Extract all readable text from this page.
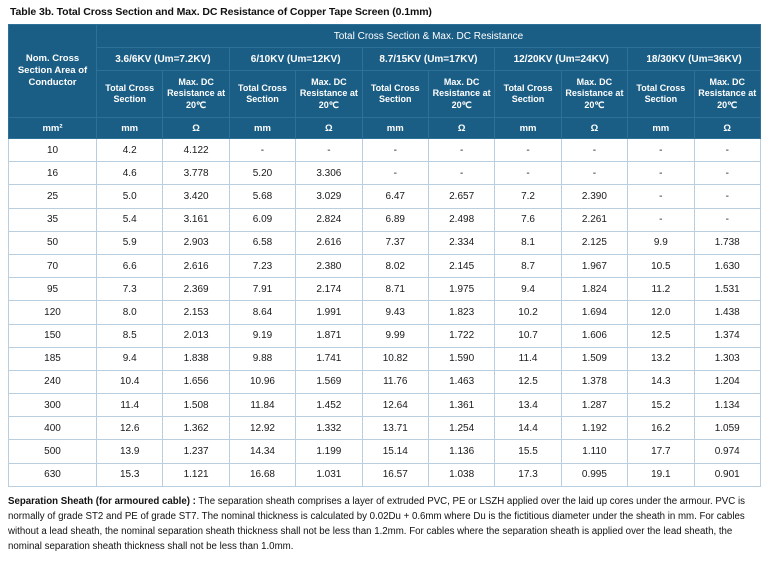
Table 3b. Total Cross Section and Max. DC Resistance of Copper Tape Screen (0.1mm)
Nom. Cross Section Area of Conductor	Total Cross Section & Max. DC Resistance									
	3.6/6KV (Um=7.2KV)		6/10KV (Um=12KV)		8.7/15KV (Um=17KV)		12/20KV (Um=24KV)		18/30KV (Um=36KV)	
	Total Cross Section	Max. DC Resistance at 20℃	Total Cross Section	Max. DC Resistance at 20℃	Total Cross Section	Max. DC Resistance at 20℃	Total Cross Section	Max. DC Resistance at 20℃	Total Cross Section	Max. DC Resistance at 20℃
mm²	mm	Ω	mm	Ω	mm	Ω	mm	Ω	mm	Ω
10	4.2	4.122	-	-	-	-	-	-	-	-
16	4.6	3.778	5.20	3.306	-	-	-	-	-	-
25	5.0	3.420	5.68	3.029	6.47	2.657	7.2	2.390	-	-
35	5.4	3.161	6.09	2.824	6.89	2.498	7.6	2.261	-	-
50	5.9	2.903	6.58	2.616	7.37	2.334	8.1	2.125	9.9	1.738
70	6.6	2.616	7.23	2.380	8.02	2.145	8.7	1.967	10.5	1.630
95	7.3	2.369	7.91	2.174	8.71	1.975	9.4	1.824	11.2	1.531
120	8.0	2.153	8.64	1.991	9.43	1.823	10.2	1.694	12.0	1.438
150	8.5	2.013	9.19	1.871	9.99	1.722	10.7	1.606	12.5	1.374
185	9.4	1.838	9.88	1.741	10.82	1.590	11.4	1.509	13.2	1.303
240	10.4	1.656	10.96	1.569	11.76	1.463	12.5	1.378	14.3	1.204
300	11.4	1.508	11.84	1.452	12.64	1.361	13.4	1.287	15.2	1.134
400	12.6	1.362	12.92	1.332	13.71	1.254	14.4	1.192	16.2	1.059
500	13.9	1.237	14.34	1.199	15.14	1.136	15.5	1.110	17.7	0.974
630	15.3	1.121	16.68	1.031	16.57	1.038	17.3	0.995	19.1	0.901
Separation Sheath (for armoured cable) : The separation sheath comprises a layer of extruded PVC, PE or LSZH applied over the laid up cores under the armour. PVC is normally of grade ST2 and PE of grade ST7. The nominal thickness is calculated by 0.02Du + 0.6mm where Du is the fictitious diameter under the sheath in mm. For cables without a lead sheath, the nominal separation sheath thickness shall not be less than 1.2mm. For cables where the separation sheath is applied over the lead sheath, the nominal separation sheath thickness shall not be less than 1.0mm.
